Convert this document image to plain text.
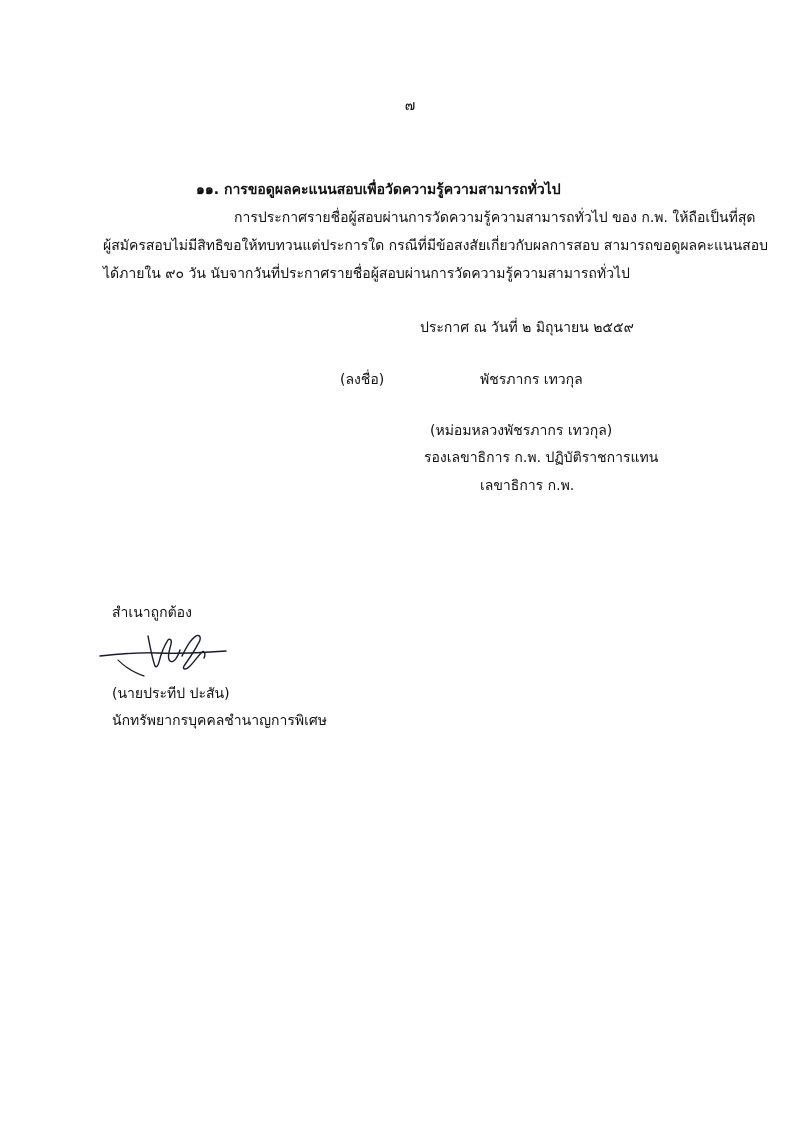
๗
๑๑. การขอดูผลคะแนนสอบเพื่อวัดความรู้ความสามารถทั่วไป
การประกาศรายชื่อผู้สอบผ่านการวัดความรู้ความสามารถทั่วไป ของ ก.พ. ให้ถือเป็นที่สุด
ผู้สมัครสอบไม่มีสิทธิขอให้ทบทวนแต่ประการใด กรณีที่มีข้อสงสัยเกี่ยวกับผลการสอบ สามารถขอดูผลคะแนนสอบ
ได้ภายใน ๙๐ วัน นับจากวันที่ประกาศรายชื่อผู้สอบผ่านการวัดความรู้ความสามารถทั่วไป
ประกาศ ณ วันที่ ๒ มิถุนายน ๒๕๕๙
(ลงชื่อ)	พัชรภากร เทวกุล
(หม่อมหลวงพัชรภากร เทวกุล)
รองเลขาธิการ ก.พ. ปฏิบัติราชการแทน
เลขาธิการ ก.พ.
สำเนาถูกต้อง
(นายประทีป ปะสัน)
นักทรัพยากรบุคคลชำนาญการพิเศษ
